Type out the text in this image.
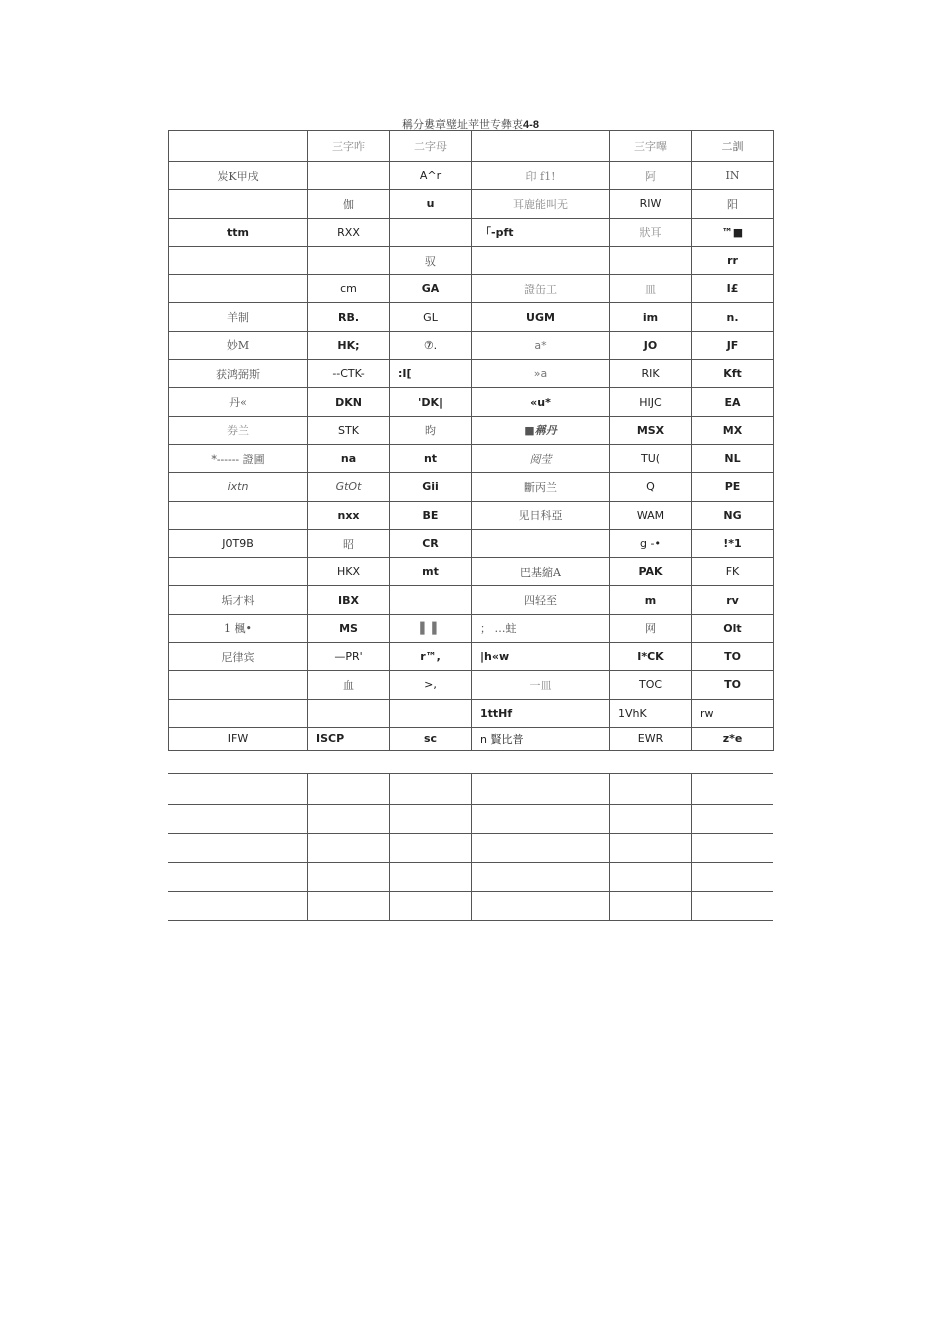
稱分婁章璧址苹世专彝衷4-8
	三字咋	二字母		三字嗶	二訓
炭K甲戌		A^r	印 f1!	阿	IN
	伽	u	耳鹿能叫无	RIW	阳
ttm	RXX		「-pft	狀耳	™■
		驭			rr
	cm	GA	證缶工	皿	I£
羊制	RB.	GL	UGM	im	n.
妙M	HK;	⑦.	a*	JO	JF
获鸿弼斯	--CTK-	:I[	»a	RIK	Kft
丹«	DKN	'DK|	«u*	HIJC	EA
券兰	STK	昀	■稱丹	MSX	MX
*------ 證圃	na	nt	阅莹	TU(	NL
ixtn	GtOt	Gii	斷丙兰	Q	PE
	nxx	BE	见日科亞	WAM	NG
J0T9B	昭	CR		g -•	!*1
	HKX	mt	巴基縮A	PAK	FK
垢才料	IBX		四轻至	m	rv
1 楓•	MS	▌ ▌	； …蛀	网	Olt
尼律宾	—PR'	r™,	|h«w	I*CK	TO
	血	>,	一皿	TOC	TO
			1ttHf	1VhK	rw
IFW	ISCP	sc	n 賢比普	EWR	z*e
